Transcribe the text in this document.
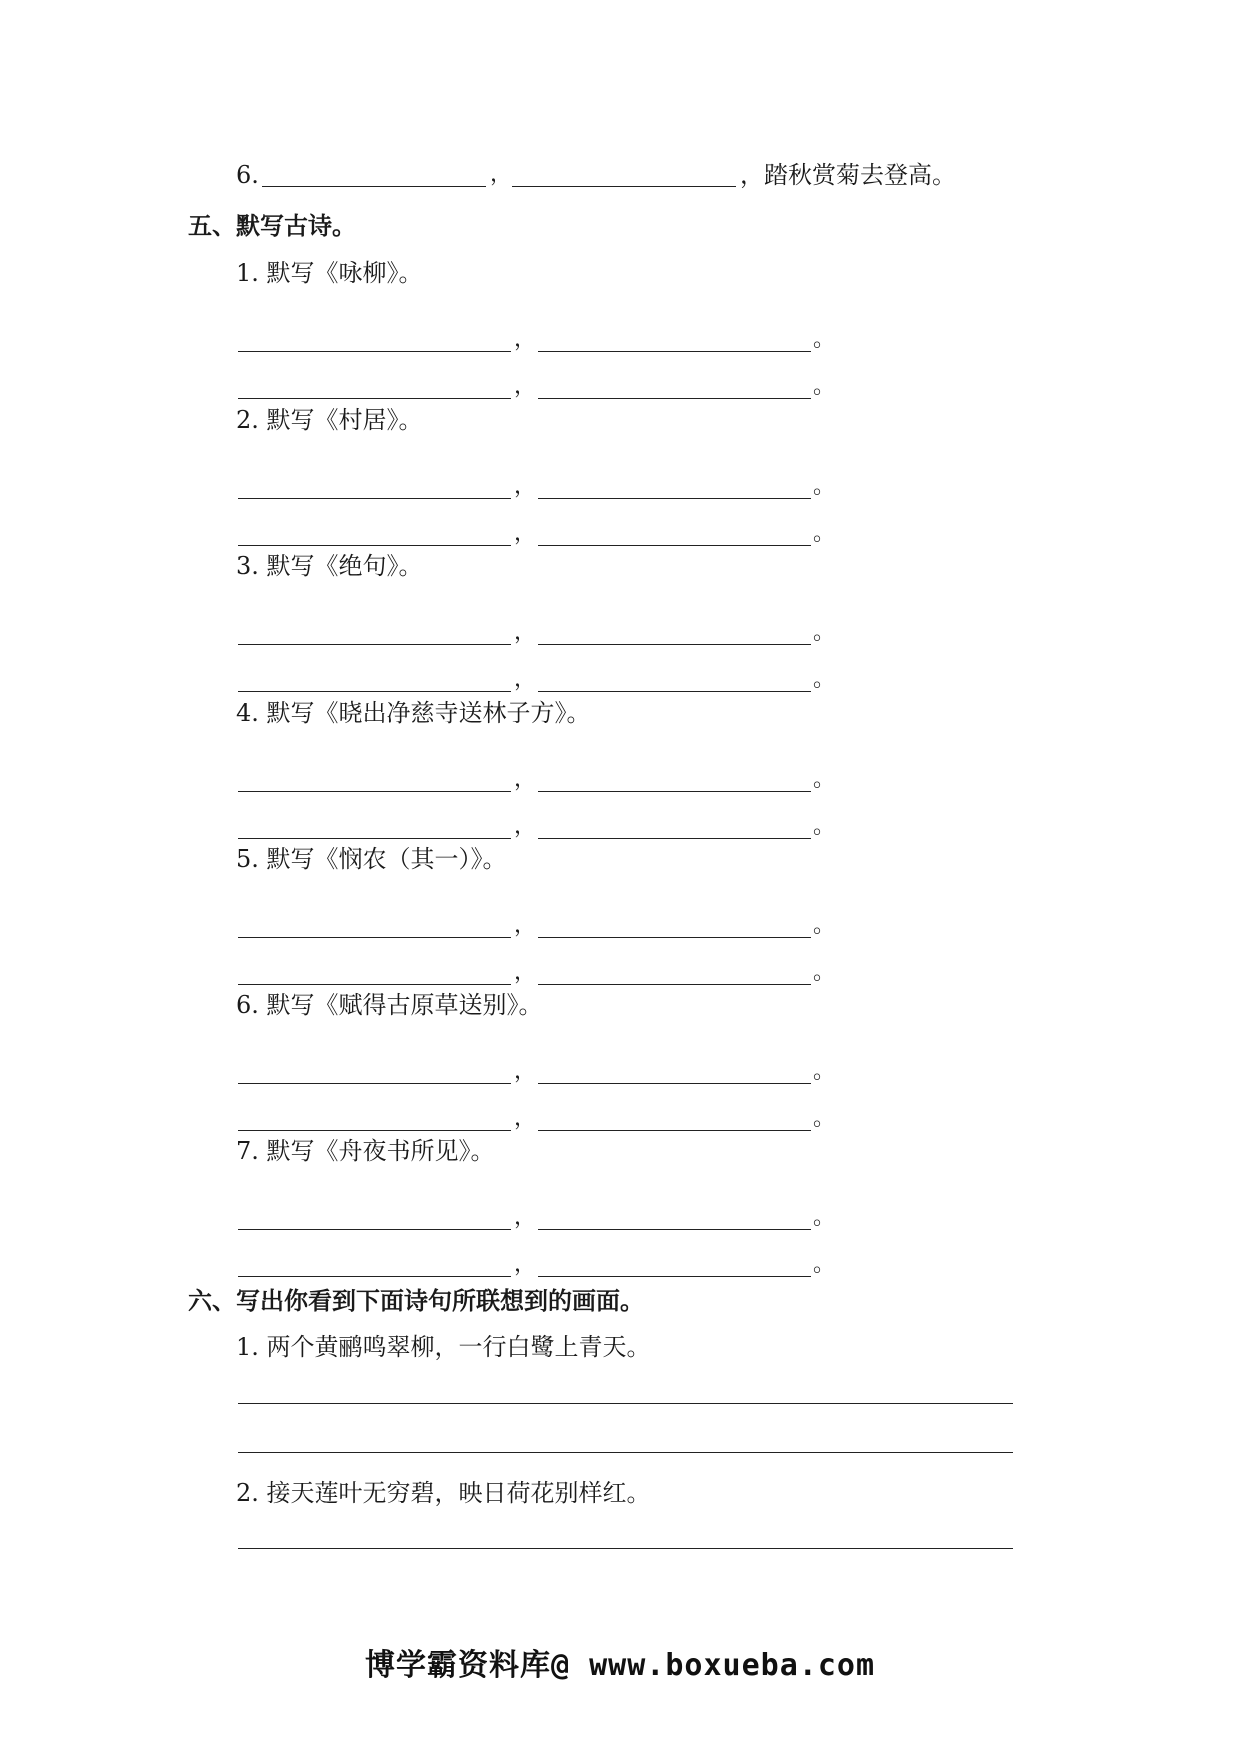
6.	，	，踏秋赏菊去登高。
五、默写古诗。
1. 默写《咏柳》。
，	。
，	。
2. 默写《村居》。
，	。
，	。
3. 默写《绝句》。
，	。
，	。
4. 默写《晓出净慈寺送林子方》。
，	。
，	。
5. 默写《悯农（其一）》。
，	。
，	。
6. 默写《赋得古原草送别》。
，	。
，	。
7. 默写《舟夜书所见》。
，	。
，	。
六、写出你看到下面诗句所联想到的画面。
1. 两个黄鹂鸣翠柳，一行白鹭上青天。
2. 接天莲叶无穷碧，映日荷花别样红。
博学霸资料库@ www.boxueba.com
